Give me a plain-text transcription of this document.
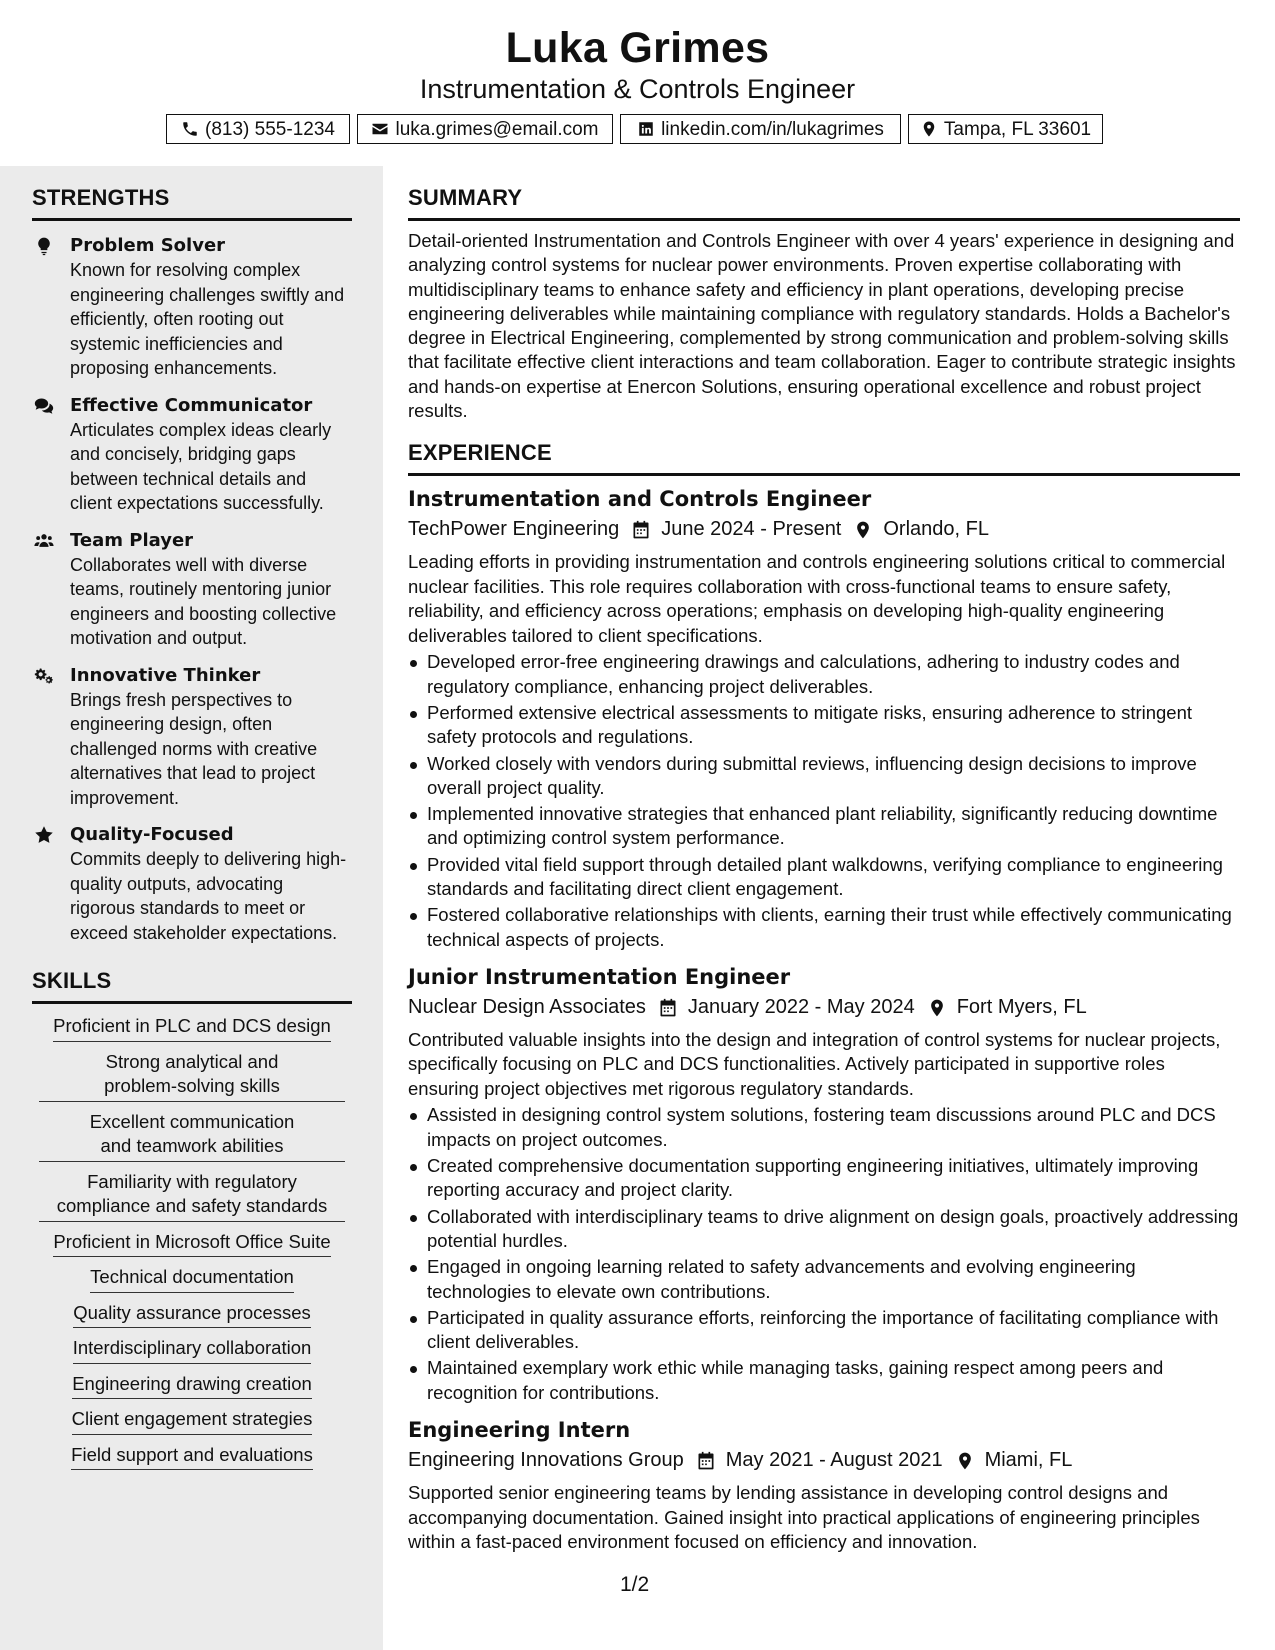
Luka Grimes
Instrumentation & Controls Engineer
(813) 555-1234	luka.grimes@email.com	linkedin.com/in/lukagrimes	Tampa, FL 33601
STRENGTHS
Problem Solver
Known for resolving complex engineering challenges swiftly and efficiently, often rooting out systemic inefficiencies and proposing enhancements.
Effective Communicator
Articulates complex ideas clearly and concisely, bridging gaps between technical details and client expectations successfully.
Team Player
Collaborates well with diverse teams, routinely mentoring junior engineers and boosting collective motivation and output.
Innovative Thinker
Brings fresh perspectives to engineering design, often challenged norms with creative alternatives that lead to project improvement.
Quality-Focused
Commits deeply to delivering high-quality outputs, advocating rigorous standards to meet or exceed stakeholder expectations.
SKILLS
Proficient in PLC and DCS design
Strong analytical and problem-solving skills
Excellent communication and teamwork abilities
Familiarity with regulatory compliance and safety standards
Proficient in Microsoft Office Suite
Technical documentation
Quality assurance processes
Interdisciplinary collaboration
Engineering drawing creation
Client engagement strategies
Field support and evaluations
SUMMARY
Detail-oriented Instrumentation and Controls Engineer with over 4 years' experience in designing and analyzing control systems for nuclear power environments. Proven expertise collaborating with multidisciplinary teams to enhance safety and efficiency in plant operations, developing precise engineering deliverables while maintaining compliance with regulatory standards. Holds a Bachelor's degree in Electrical Engineering, complemented by strong communication and problem-solving skills that facilitate effective client interactions and team collaboration. Eager to contribute strategic insights and hands-on expertise at Enercon Solutions, ensuring operational excellence and robust project results.
EXPERIENCE
Instrumentation and Controls Engineer
TechPower Engineering June 2024 - Present Orlando, FL
Leading efforts in providing instrumentation and controls engineering solutions critical to commercial nuclear facilities. This role requires collaboration with cross-functional teams to ensure safety, reliability, and efficiency across operations; emphasis on developing high-quality engineering deliverables tailored to client specifications.
Developed error-free engineering drawings and calculations, adhering to industry codes and regulatory compliance, enhancing project deliverables.
Performed extensive electrical assessments to mitigate risks, ensuring adherence to stringent safety protocols and regulations.
Worked closely with vendors during submittal reviews, influencing design decisions to improve overall project quality.
Implemented innovative strategies that enhanced plant reliability, significantly reducing downtime and optimizing control system performance.
Provided vital field support through detailed plant walkdowns, verifying compliance to engineering standards and facilitating direct client engagement.
Fostered collaborative relationships with clients, earning their trust while effectively communicating technical aspects of projects.
Junior Instrumentation Engineer
Nuclear Design Associates January 2022 - May 2024 Fort Myers, FL
Contributed valuable insights into the design and integration of control systems for nuclear projects, specifically focusing on PLC and DCS functionalities. Actively participated in supportive roles ensuring project objectives met rigorous regulatory standards.
Assisted in designing control system solutions, fostering team discussions around PLC and DCS impacts on project outcomes.
Created comprehensive documentation supporting engineering initiatives, ultimately improving reporting accuracy and project clarity.
Collaborated with interdisciplinary teams to drive alignment on design goals, proactively addressing potential hurdles.
Engaged in ongoing learning related to safety advancements and evolving engineering technologies to elevate own contributions.
Participated in quality assurance efforts, reinforcing the importance of facilitating compliance with client deliverables.
Maintained exemplary work ethic while managing tasks, gaining respect among peers and recognition for contributions.
Engineering Intern
Engineering Innovations Group May 2021 - August 2021 Miami, FL
Supported senior engineering teams by lending assistance in developing control designs and accompanying documentation. Gained insight into practical applications of engineering principles within a fast-paced environment focused on efficiency and innovation.
1/2
